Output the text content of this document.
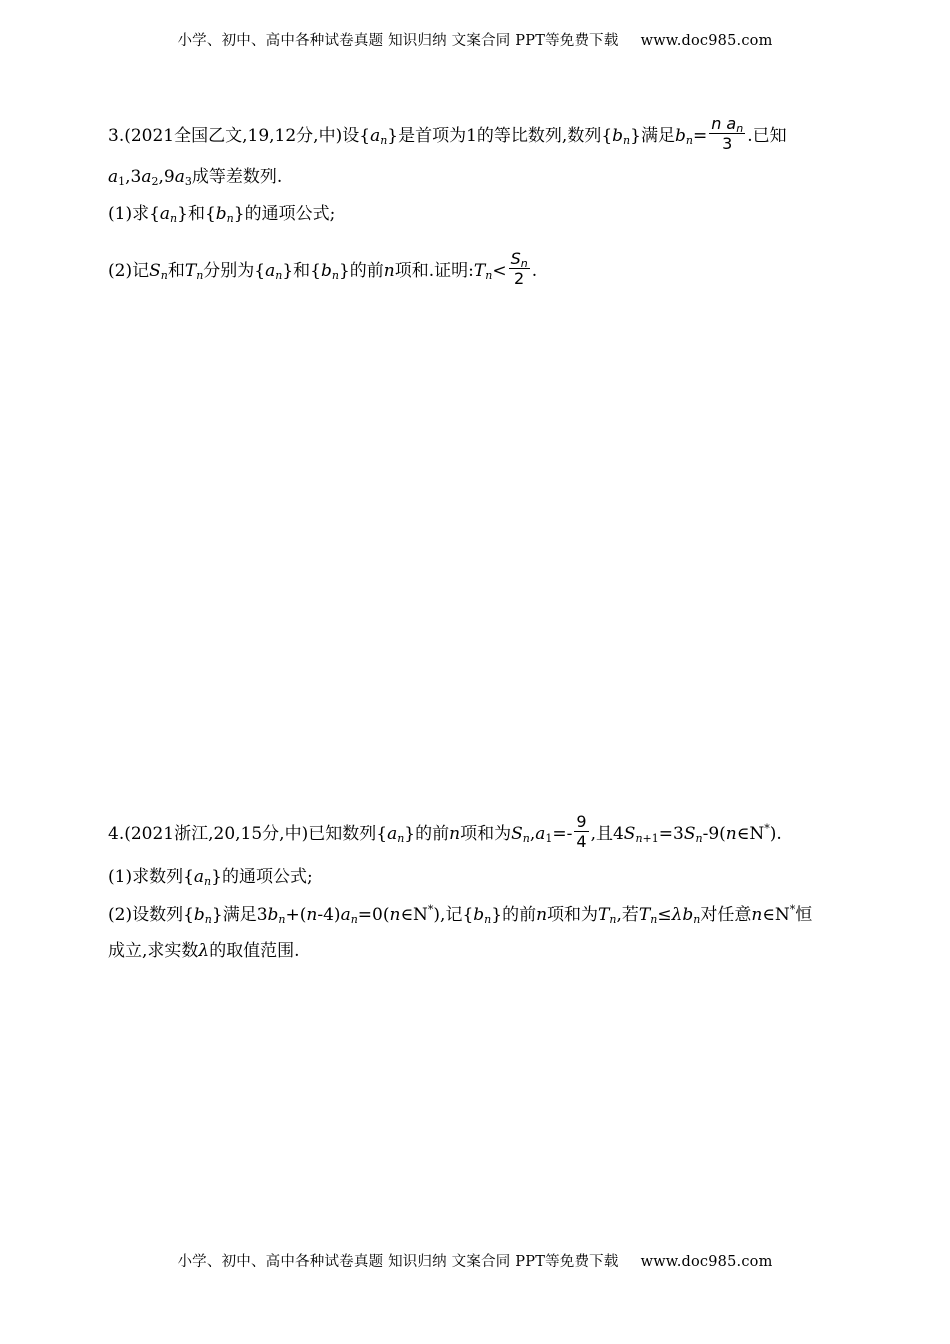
小学、初中、高中各种试卷真题 知识归纳 文案合同 PPT等免费下载 www.doc985.com
3.(2021全国乙文,19,12分,中)设$\{a_n\}$是首项为1的等比数列,数列$\{b_n\}$满足$b_n= \frac{n a_n}{3}$ .已知
$a_1,3a_2,9a_3$成等差数列.
(1)求$\{a_n\}$和$\{b_n\}$的通项公式;
(2)记$S_n$和$T_n$分别为$\{a_n\}$和$\{b_n\}$的前n项和.证明$:T_n< \frac{S_n}{2}$ .
4.(2021浙江,20,15分,中)已知数列$\{a_n\}$的前n项和为$S_n,a_1=- \frac{9}{4}$ ,且$4S_{n+1}=3S_n-9(n\in N^*)$.
(1)求数列$\{a_n\}$的通项公式;
(2)设数列$\{b_n\}$满足$3b_n+(n-4)a_n=0(n\in N^*)$,记$\{b_n\}$的前n项和为$T_n$,若$T_n\le\lambda b_n$对任意n∈N*恒
成立,求实数λ的取值范围.
小学、初中、高中各种试卷真题 知识归纳 文案合同 PPT等免费下载 www.doc985.com
